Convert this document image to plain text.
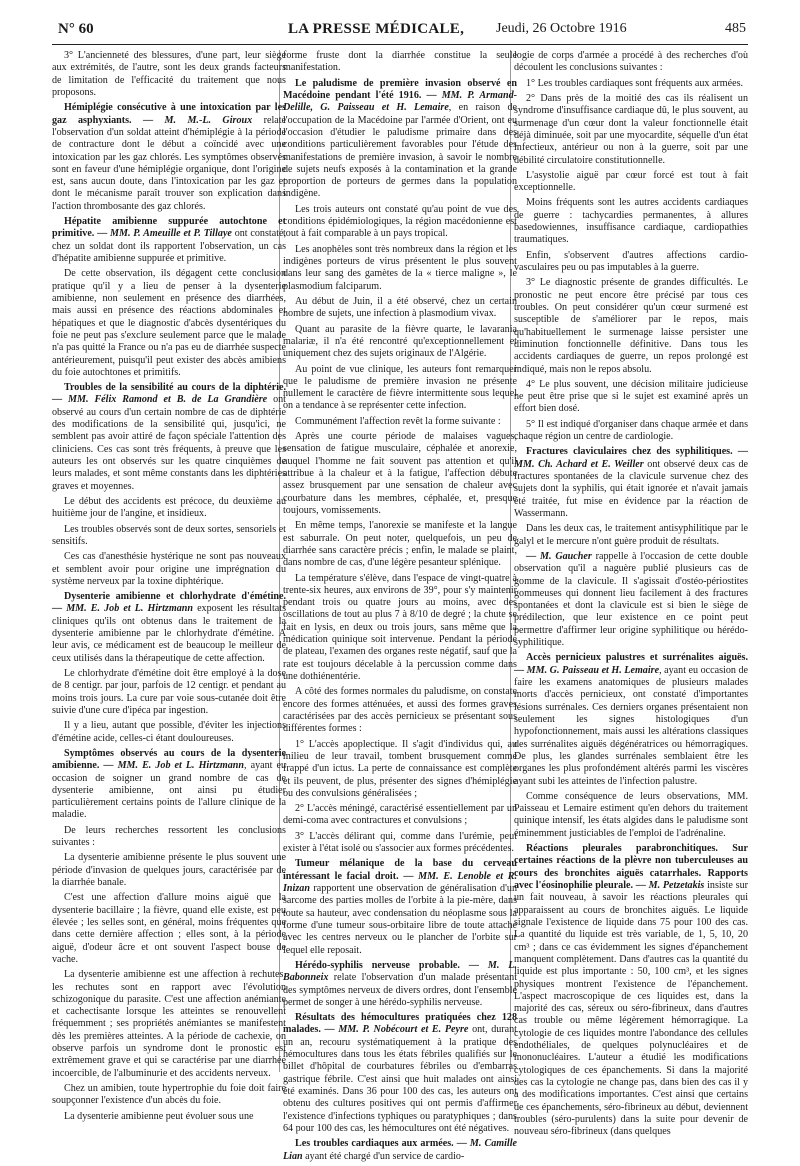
N° 60	LA PRESSE MÉDICALE, Jeudi, 26 Octobre 1916	485

3° L'ancienneté des blessures, d'une part, leur siège aux extrémités, de l'autre, sont les deux grands facteurs de limitation de l'efficacité du traitement que nous proposons.

Hémiplégie consécutive à une intoxication par les gaz asphyxiants. — M. M.-L. Giroux relate l'observation d'un soldat atteint d'hémiplégie à la période de contracture dont le début a coïncidé avec une intoxication par les gaz chlorés. Les symptômes observés sont en faveur d'une hémiplégie organique, dont l'origine est, sans aucun doute, dans l'intoxication par les gaz et dont le mécanisme paraît trouver son explication dans l'action thrombosante des gaz chlorés.

Hépatite amibienne suppurée autochtone et primitive. — MM. P. Ameuille et P. Tillaye ont constaté, chez un soldat dont ils rapportent l'observation, un cas d'hépatite amibienne suppurée et primitive.

De cette observation, ils dégagent cette conclusion pratique qu'il y a lieu de penser à la dysenterie amibienne, non seulement en présence des diarrhées, mais aussi en présence des réactions abdominales et hépatiques et que le diagnostic d'abcès dysentériques du foie ne peut pas s'exclure seulement parce que le malade n'a pas quitté la France ou n'a pas eu de diarrhée suspecte antérieurement, puisqu'il peut exister des abcès amibiens du foie autochtones et primitifs.

Troubles de la sensibilité au cours de la diphtérie. — MM. Félix Ramond et B. de La Grandière ont observé au cours d'un certain nombre de cas de diphtérie des modifications de la sensibilité qui, jusqu'ici, ne semblent pas avoir attiré de façon spéciale l'attention des cliniciens. Ces cas sont très fréquents, à preuve que les auteurs les ont observés sur les quatre cinquièmes de leurs malades, et sont même constants dans les diphtéries graves et moyennes.

Le début des accidents est précoce, du deuxième au huitième jour de l'angine, et insidieux.

Les troubles observés sont de deux sortes, sensoriels et sensitifs.

Ces cas d'anesthésie hystérique ne sont pas nouveaux et semblent avoir pour origine une imprégnation du système nerveux par la toxine diphtérique.

Dysenterie amibienne et chlorhydrate d'émétine. — MM. E. Job et L. Hirtzmann exposent les résultats cliniques qu'ils ont obtenus dans le traitement de la dysenterie amibienne par le chlorhydrate d'émétine. A leur avis, ce médicament est de beaucoup le meilleur de ceux utilisés dans la thérapeutique de cette affection.

Le chlorhydrate d'émétine doit être employé à la dose de 8 centigr. par jour, parfois de 12 centigr. et pendant au moins trois jours. La cure par voie sous-cutanée doit être suivie d'une cure d'ipéca par ingestion.

Il y a lieu, autant que possible, d'éviter les injections d'émétine acide, celles-ci étant douloureuses.

Symptômes observés au cours de la dysenterie amibienne. — MM. E. Job et L. Hirtzmann, ayant eu occasion de soigner un grand nombre de cas de dysenterie amibienne, ont ainsi pu étudier particulièrement certains points de l'allure clinique de la maladie.

De leurs recherches ressortent les conclusions suivantes :

La dysenterie amibienne présente le plus souvent une période d'invasion de quelques jours, caractérisée par de la diarrhée banale.

C'est une affection d'allure moins aiguë que la dysenterie bacillaire ; la fièvre, quand elle existe, est peu élevée ; les selles sont, en général, moins fréquentes que dans cette dernière affection ; elles sont, à la période aiguë, d'odeur âcre et ont souvent l'aspect bouse de vache.

La dysenterie amibienne est une affection à rechutes, les rechutes sont en rapport avec l'évolution schizogonique du parasite. C'est une affection anémiante et cachectisante lorsque les atteintes se renouvellent fréquemment ; ses propriétés anémiantes se manifestent dès les premières atteintes. A la période de cachexie, on observe parfois un syndrome dont le pronostic est extrêmement grave et qui se caractérise par une diarrhée incoercible, de l'albuminurie et des accidents nerveux.

Chez un amibien, toute hypertrophie du foie doit faire soupçonner l'existence d'un abcès du foie.

La dysenterie amibienne peut évoluer sous une

forme fruste dont la diarrhée constitue la seule manifestation.

Le paludisme de première invasion observé en Macédoine pendant l'été 1916. — MM. P. Armand-Delille, G. Paisseau et H. Lemaire, en raison de l'occupation de la Macédoine par l'armée d'Orient, ont eu l'occasion d'étudier le paludisme primaire dans des conditions particulièrement favorables pour l'étude des manifestations de première invasion, à savoir le nombre de sujets neufs exposés à la contamination et la grande proportion de porteurs de germes dans la population indigène.

Les trois auteurs ont constaté qu'au point de vue des conditions épidémiologiques, la région macédonienne est tout à fait comparable à un pays tropical.

Les anophèles sont très nombreux dans la région et les indigènes porteurs de virus présentent le plus souvent dans leur sang des gamètes de la « tierce maligne », le plasmodium falciparum.

Au début de Juin, il a été observé, chez un certain nombre de sujets, une infection à plasmodium vivax.

Quant au parasite de la fièvre quarte, le lavarania malariæ, il n'a été rencontré qu'exceptionnellement et uniquement chez des sujets originaux de l'Algérie.

Au point de vue clinique, les auteurs font remarquer que le paludisme de première invasion ne présente nullement le caractère de fièvre intermittente sous lequel on a tendance à se représenter cette infection.

Communément l'affection revêt la forme suivante :

Après une courte période de malaises vagues, sensation de fatigue musculaire, céphalée et anorexie, auquel l'homme ne fait souvent pas attention et qu'il attribue à la chaleur et à la fatigue, l'affection débute assez brusquement par une sensation de chaleur avec courbature dans les membres, céphalée, et, presque toujours, vomissements.

En même temps, l'anorexie se manifeste et la langue est saburrale. On peut noter, quelquefois, un peu de diarrhée sans caractère précis ; enfin, le malade se plaint, dans nombre de cas, d'une légère pesanteur splénique.

La température s'élève, dans l'espace de vingt-quatre à trente-six heures, aux environs de 39°, pour s'y maintenir pendant trois ou quatre jours au moins, avec des oscillations de tout au plus 7 à 8/10 de degré ; la chute se fait en lysis, en deux ou trois jours, sans même que la médication quinique soit intervenue. Pendant la période de plateau, l'examen des organes reste négatif, sauf que la rate est toujours décelable à la percussion comme dans une dothiénentérie.

A côté des formes normales du paludisme, on constate encore des formes atténuées, et aussi des formes graves caractérisées par des accès pernicieux se présentant sous différentes formes :

1° L'accès apoplectique. Il s'agit d'individus qui, au milieu de leur travail, tombent brusquement comme frappé d'un ictus. La perte de connaissance est complète et ils peuvent, de plus, présenter des signes d'hémiplégie ou des convulsions généralisées ;

2° L'accès méningé, caractérisé essentiellement par un demi-coma avec contractures et convulsions ;

3° L'accès délirant qui, comme dans l'urémie, peut exister à l'état isolé ou s'associer aux formes précédentes.

Tumeur mélanique de la base du cerveau intéressant le facial droit. — MM. E. Lenoble et R. Inizan rapportent une observation de généralisation d'un sarcome des parties molles de l'orbite à la pie-mère, dans toute sa hauteur, avec condensation du néoplasme sous la forme d'une tumeur sous-orbitaire libre de toute attache avec les centres nerveux ou le plancher de l'orbite sur lequel elle reposait.

Hérédo-syphilis nerveuse probable. — M. L. Babonneix relate l'observation d'un malade présentant des symptômes nerveux de divers ordres, dont l'ensemble permet de songer à une hérédo-syphilis nerveuse.

Résultats des hémocultures pratiquées chez 128 malades. — MM. P. Nobécourt et E. Peyre ont, durant un an, recouru systématiquement à la pratique des hémocultures dans tous les états fébriles qualifiés sur le billet d'hôpital de courbatures fébriles ou d'embarras gastrique fébrile. C'est ainsi que huit malades ont ainsi été examinés. Dans 36 pour 100 des cas, les auteurs ont obtenu des cultures positives qui ont permis d'affirmer l'existence d'infections typhiques ou paratyphiques ; dans 64 pour 100 des cas, les hémocultures ont été négatives.

Les troubles cardiaques aux armées. — M. Camille Lian ayant été chargé d'un service de cardio-

logie de corps d'armée a procédé à des recherches d'où découlent les conclusions suivantes :

1° Les troubles cardiaques sont fréquents aux armées.

2° Dans près de la moitié des cas ils réalisent un syndrome d'insuffisance cardiaque dû, le plus souvent, au surmenage d'un cœur dont la valeur fonctionnelle était déjà diminuée, soit par une myocardite, séquelle d'un état infectieux, antérieur ou non à la guerre, soit par une débilité circulatoire constitutionnelle.

L'asystolie aiguë par cœur forcé est tout à fait exceptionnelle.

Moins fréquents sont les autres accidents cardiaques de guerre : tachycardies permanentes, à allures basedowiennes, insuffisance cardiaque, cardiopathies traumatiques.

Enfin, s'observent d'autres affections cardio-vasculaires peu ou pas imputables à la guerre.

3° Le diagnostic présente de grandes difficultés. Le pronostic ne peut encore être précisé par tous ces troubles. On peut considérer qu'un cœur surmené est susceptible de s'améliorer par le repos, mais qu'habituellement le surmenage laisse persister une diminution fonctionnelle définitive. Dans tous les accidents cardiaques de guerre, un repos prolongé est indiqué, mais non le repos absolu.

4° Le plus souvent, une décision militaire judicieuse ne peut être prise que si le sujet est examiné après un effort bien dosé.

5° Il est indiqué d'organiser dans chaque armée et dans chaque région un centre de cardiologie.

Fractures claviculaires chez des syphilitiques. — MM. Ch. Achard et E. Weiller ont observé deux cas de fractures spontanées de la clavicule survenue chez des sujets dont la syphilis, qui était ignorée et n'avait jamais été traitée, fut mise en évidence par la réaction de Wassermann.

Dans les deux cas, le traitement antisyphilitique par le galyl et le mercure n'ont guère produit de résultats.

— M. Gaucher rappelle à l'occasion de cette double observation qu'il a naguère publié plusieurs cas de gomme de la clavicule. Il s'agissait d'ostéo-périostites gommeuses qui donnent lieu facilement à des fractures spontanées et dont la clavicule est si bien le siège de prédilection, que leur existence en ce point peut permettre d'affirmer leur origine syphilitique ou hérédo-syphilitique.

Accès pernicieux palustres et surrénalites aiguës. — MM. G. Paisseau et H. Lemaire, ayant eu occasion de faire les examens anatomiques de plusieurs malades morts d'accès pernicieux, ont constaté d'importantes lésions surrénales. Ces derniers organes présentaient non seulement les signes histologiques d'un hypofonctionnement, mais aussi les altérations classiques des surrénalites aiguës dégénératrices ou hémorragiques. De plus, les glandes surrénales semblaient être les organes les plus profondément altérés parmi les viscères ayant subi les atteintes de l'infection palustre.

Comme conséquence de leurs observations, MM. Paisseau et Lemaire estiment qu'en dehors du traitement quinique intensif, les états algides dans le paludisme sont éminemment justiciables de l'emploi de l'adrénaline.

Réactions pleurales parabronchitiques. Sur certaines réactions de la plèvre non tuberculeuses au cours des bronchites aiguës catarrhales. Rapports avec l'éosinophilie pleurale. — M. Petzetakis insiste sur un fait nouveau, à savoir les réactions pleurales qui apparaissent au cours de bronchites aiguës. Le liquide signale l'existence de liquide dans 75 pour 100 des cas. La quantité du liquide est très variable, de 1, 5, 10, 20 cm³ ; dans ce cas évidemment les signes d'épanchement manquent complètement. Dans d'autres cas la quantité du liquide est plus importante : 50, 100 cm³, et les signes physiques montrent l'existence de l'épanchement. L'aspect macroscopique de ces liquides est, dans la majorité des cas, séreux ou séro-fibrineux, dans d'autres cas trouble ou même légèrement hémorragique. La cytologie de ces liquides montre l'abondance des cellules endothéliales, de quelques polynucléaires et de mononucléaires. L'auteur a étudié les modifications cytologiques de ces épanchements. Si dans la majorité des cas la cytologie ne change pas, dans bien des cas il y a des modifications importantes. C'est ainsi que certains de ces épanchements, séro-fibrineux au début, deviennent troubles (séro-purulents) dans la suite pour devenir de nouveau séro-fibrineux (dans quelques
